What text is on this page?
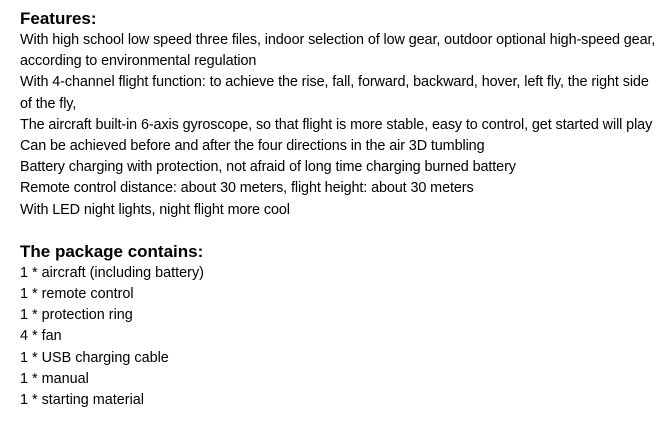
Features:
With high school low speed three files, indoor selection of low gear, outdoor optional high-speed gear, according to environmental regulation
With 4-channel flight function: to achieve the rise, fall, forward, backward, hover, left fly, the right side of the fly,
The aircraft built-in 6-axis gyroscope, so that flight is more stable, easy to control, get started will play
Can be achieved before and after the four directions in the air 3D tumbling
Battery charging with protection, not afraid of long time charging burned battery
Remote control distance: about 30 meters, flight height: about 30 meters
With LED night lights, night flight more cool
The package contains:
1 * aircraft (including battery)
1 * remote control
1 * protection ring
4 * fan
1 * USB charging cable
1 * manual
1 * starting material
